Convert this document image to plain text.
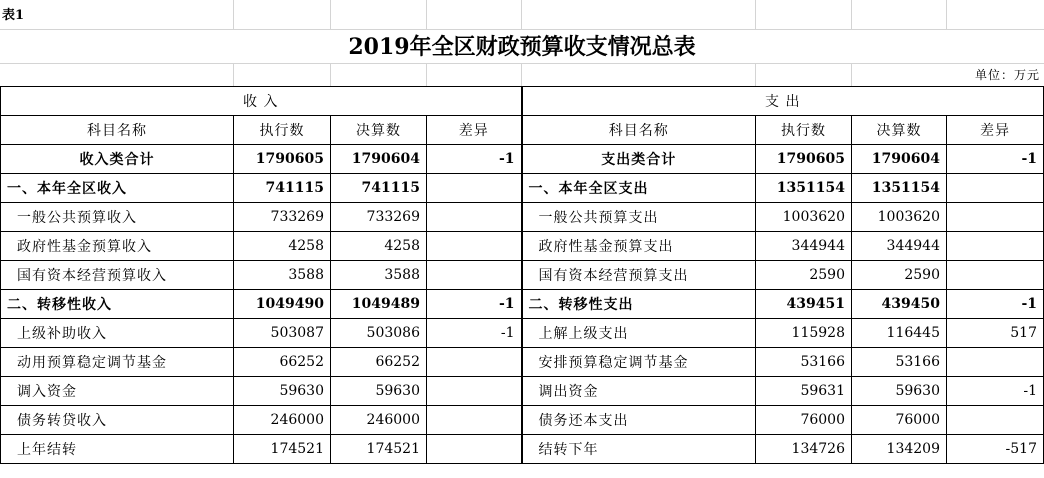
表1
2019年全区财政预算收支情况总表
单位：万元
收 入				支 出			
科目名称	执行数	决算数	差异	科目名称	执行数	决算数	差异
收入类合计	1790605	1790604	-1	支出类合计	1790605	1790604	-1
一、本年全区收入	741115	741115		一、本年全区支出	1351154	1351154	
一般公共预算收入	733269	733269		一般公共预算支出	1003620	1003620	
政府性基金预算收入	4258	4258		政府性基金预算支出	344944	344944	
国有资本经营预算收入	3588	3588		国有资本经营预算支出	2590	2590	
二、转移性收入	1049490	1049489	-1	二、转移性支出	439451	439450	-1
上级补助收入	503087	503086	-1	上解上级支出	115928	116445	517
动用预算稳定调节基金	66252	66252		安排预算稳定调节基金	53166	53166	
调入资金	59630	59630		调出资金	59631	59630	-1
债务转贷收入	246000	246000		债务还本支出	76000	76000	
上年结转	174521	174521		结转下年	134726	134209	-517
